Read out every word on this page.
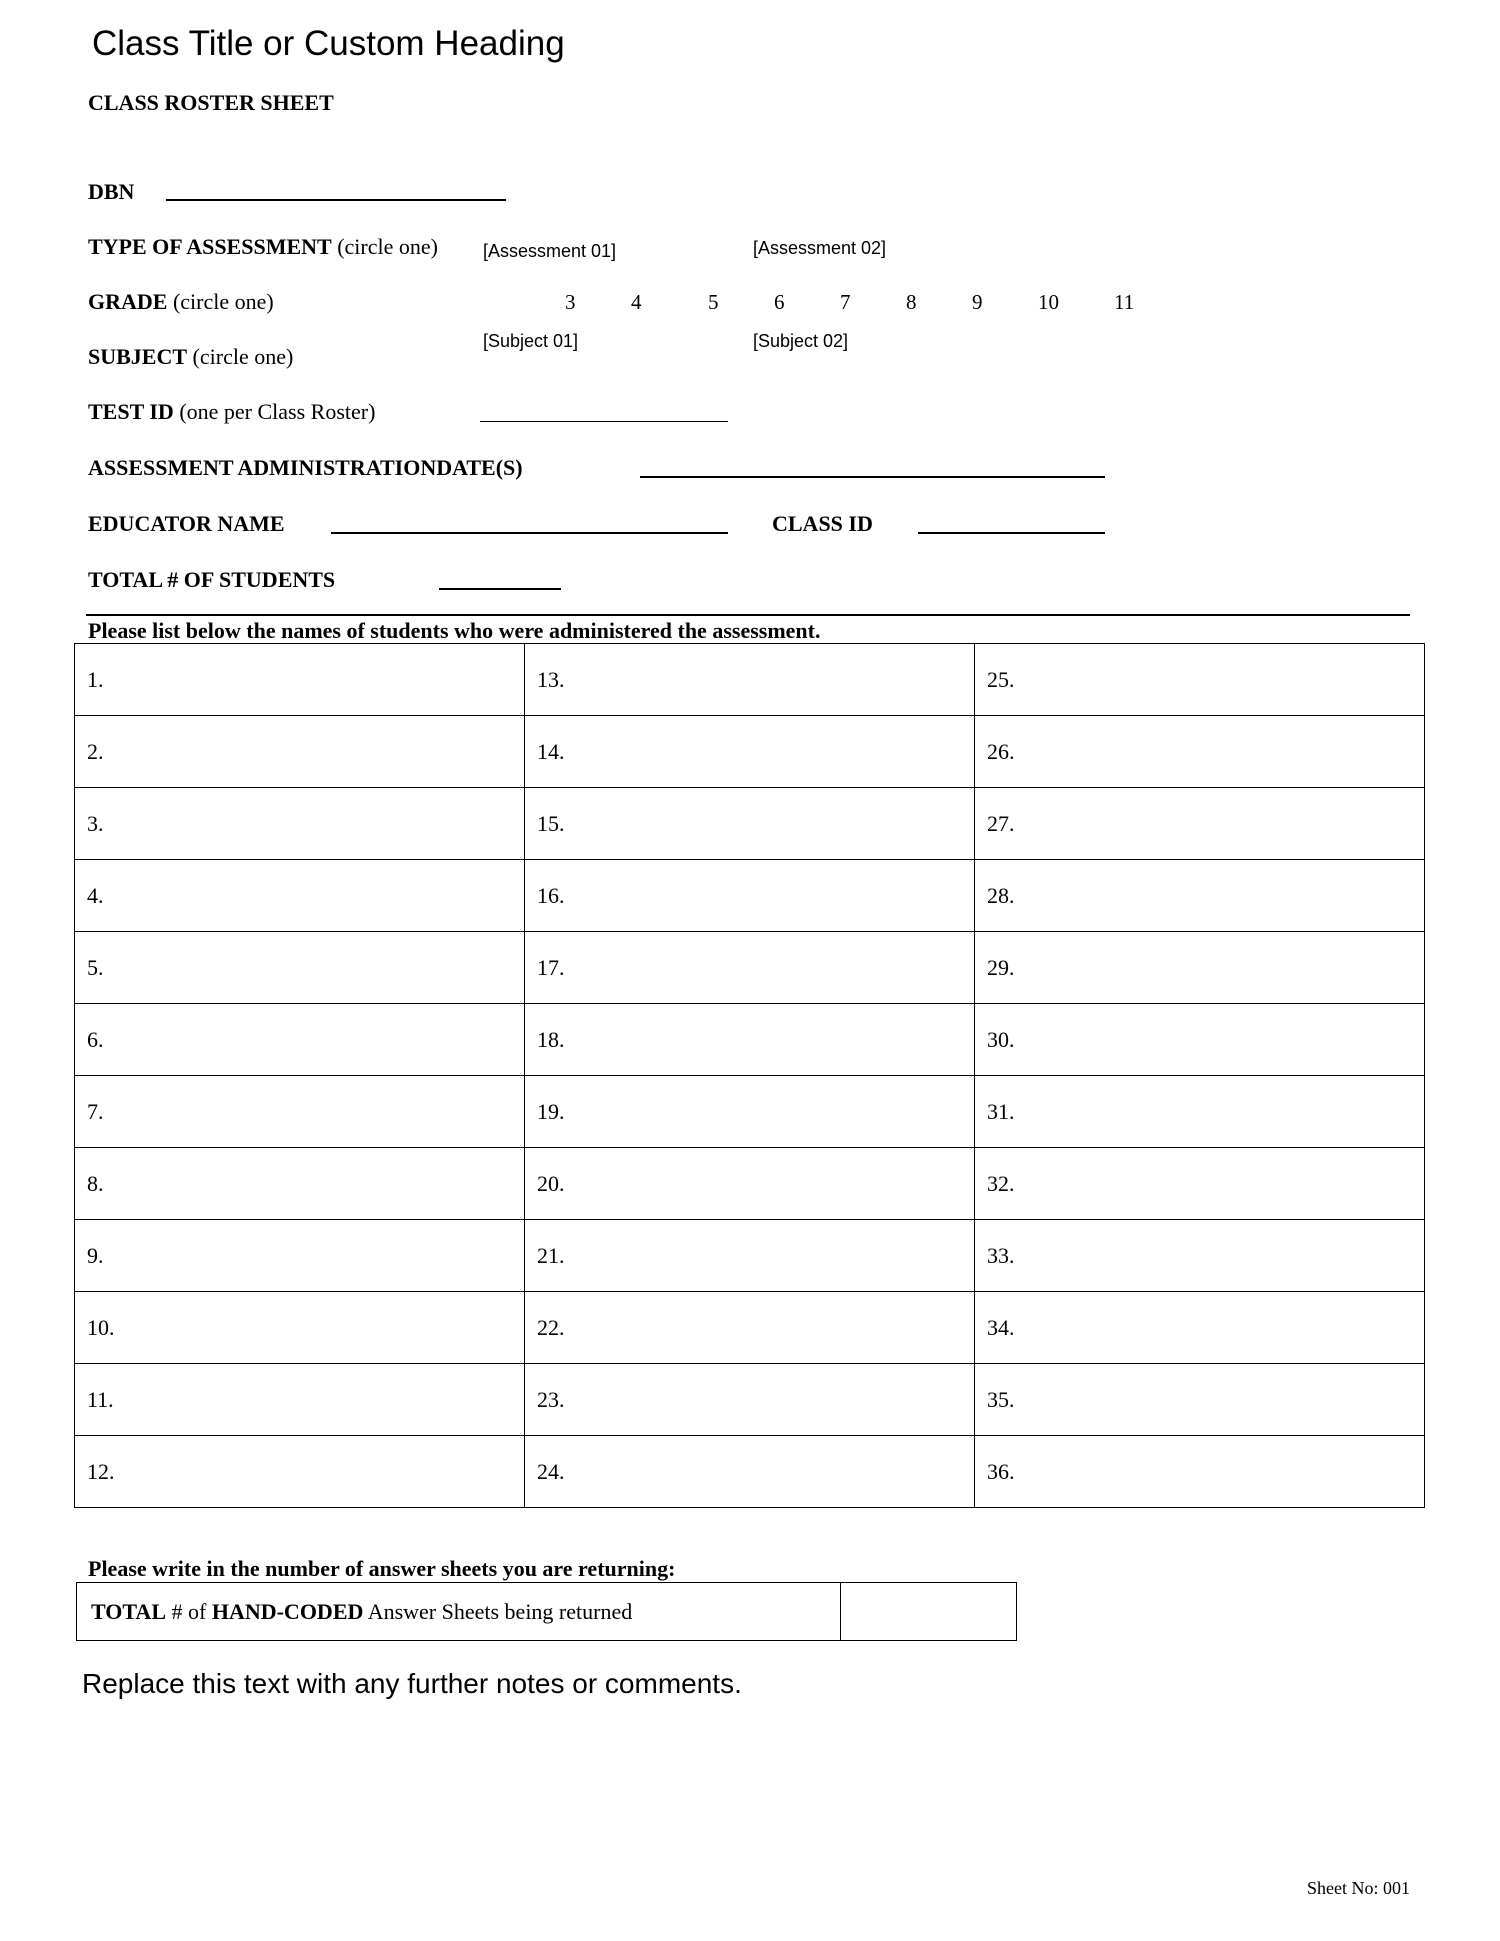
Class Title or Custom Heading
CLASS ROSTER SHEET
DBN
TYPE OF ASSESSMENT (circle one)	[Assessment 01]	[Assessment 02]
GRADE (circle one)	3	4	5	6	7	8	9	10	11
[Subject 01]	[Subject 02]
SUBJECT (circle one)
TEST ID (one per Class Roster)
ASSESSMENT ADMINISTRATIONDATE(S)
EDUCATOR NAME	CLASS ID
TOTAL # OF STUDENTS
Please list below the names of students who were administered the assessment.
1.	13.	25.
2.	14.	26.
3.	15.	27.
4.	16.	28.
5.	17.	29.
6.	18.	30.
7.	19.	31.
8.	20.	32.
9.	21.	33.
10.	22.	34.
11.	23.	35.
12.	24.	36.
Please write in the number of answer sheets you are returning:
TOTAL # of HAND-CODED Answer Sheets being returned	
Replace this text with any further notes or comments.
Sheet No: 001
